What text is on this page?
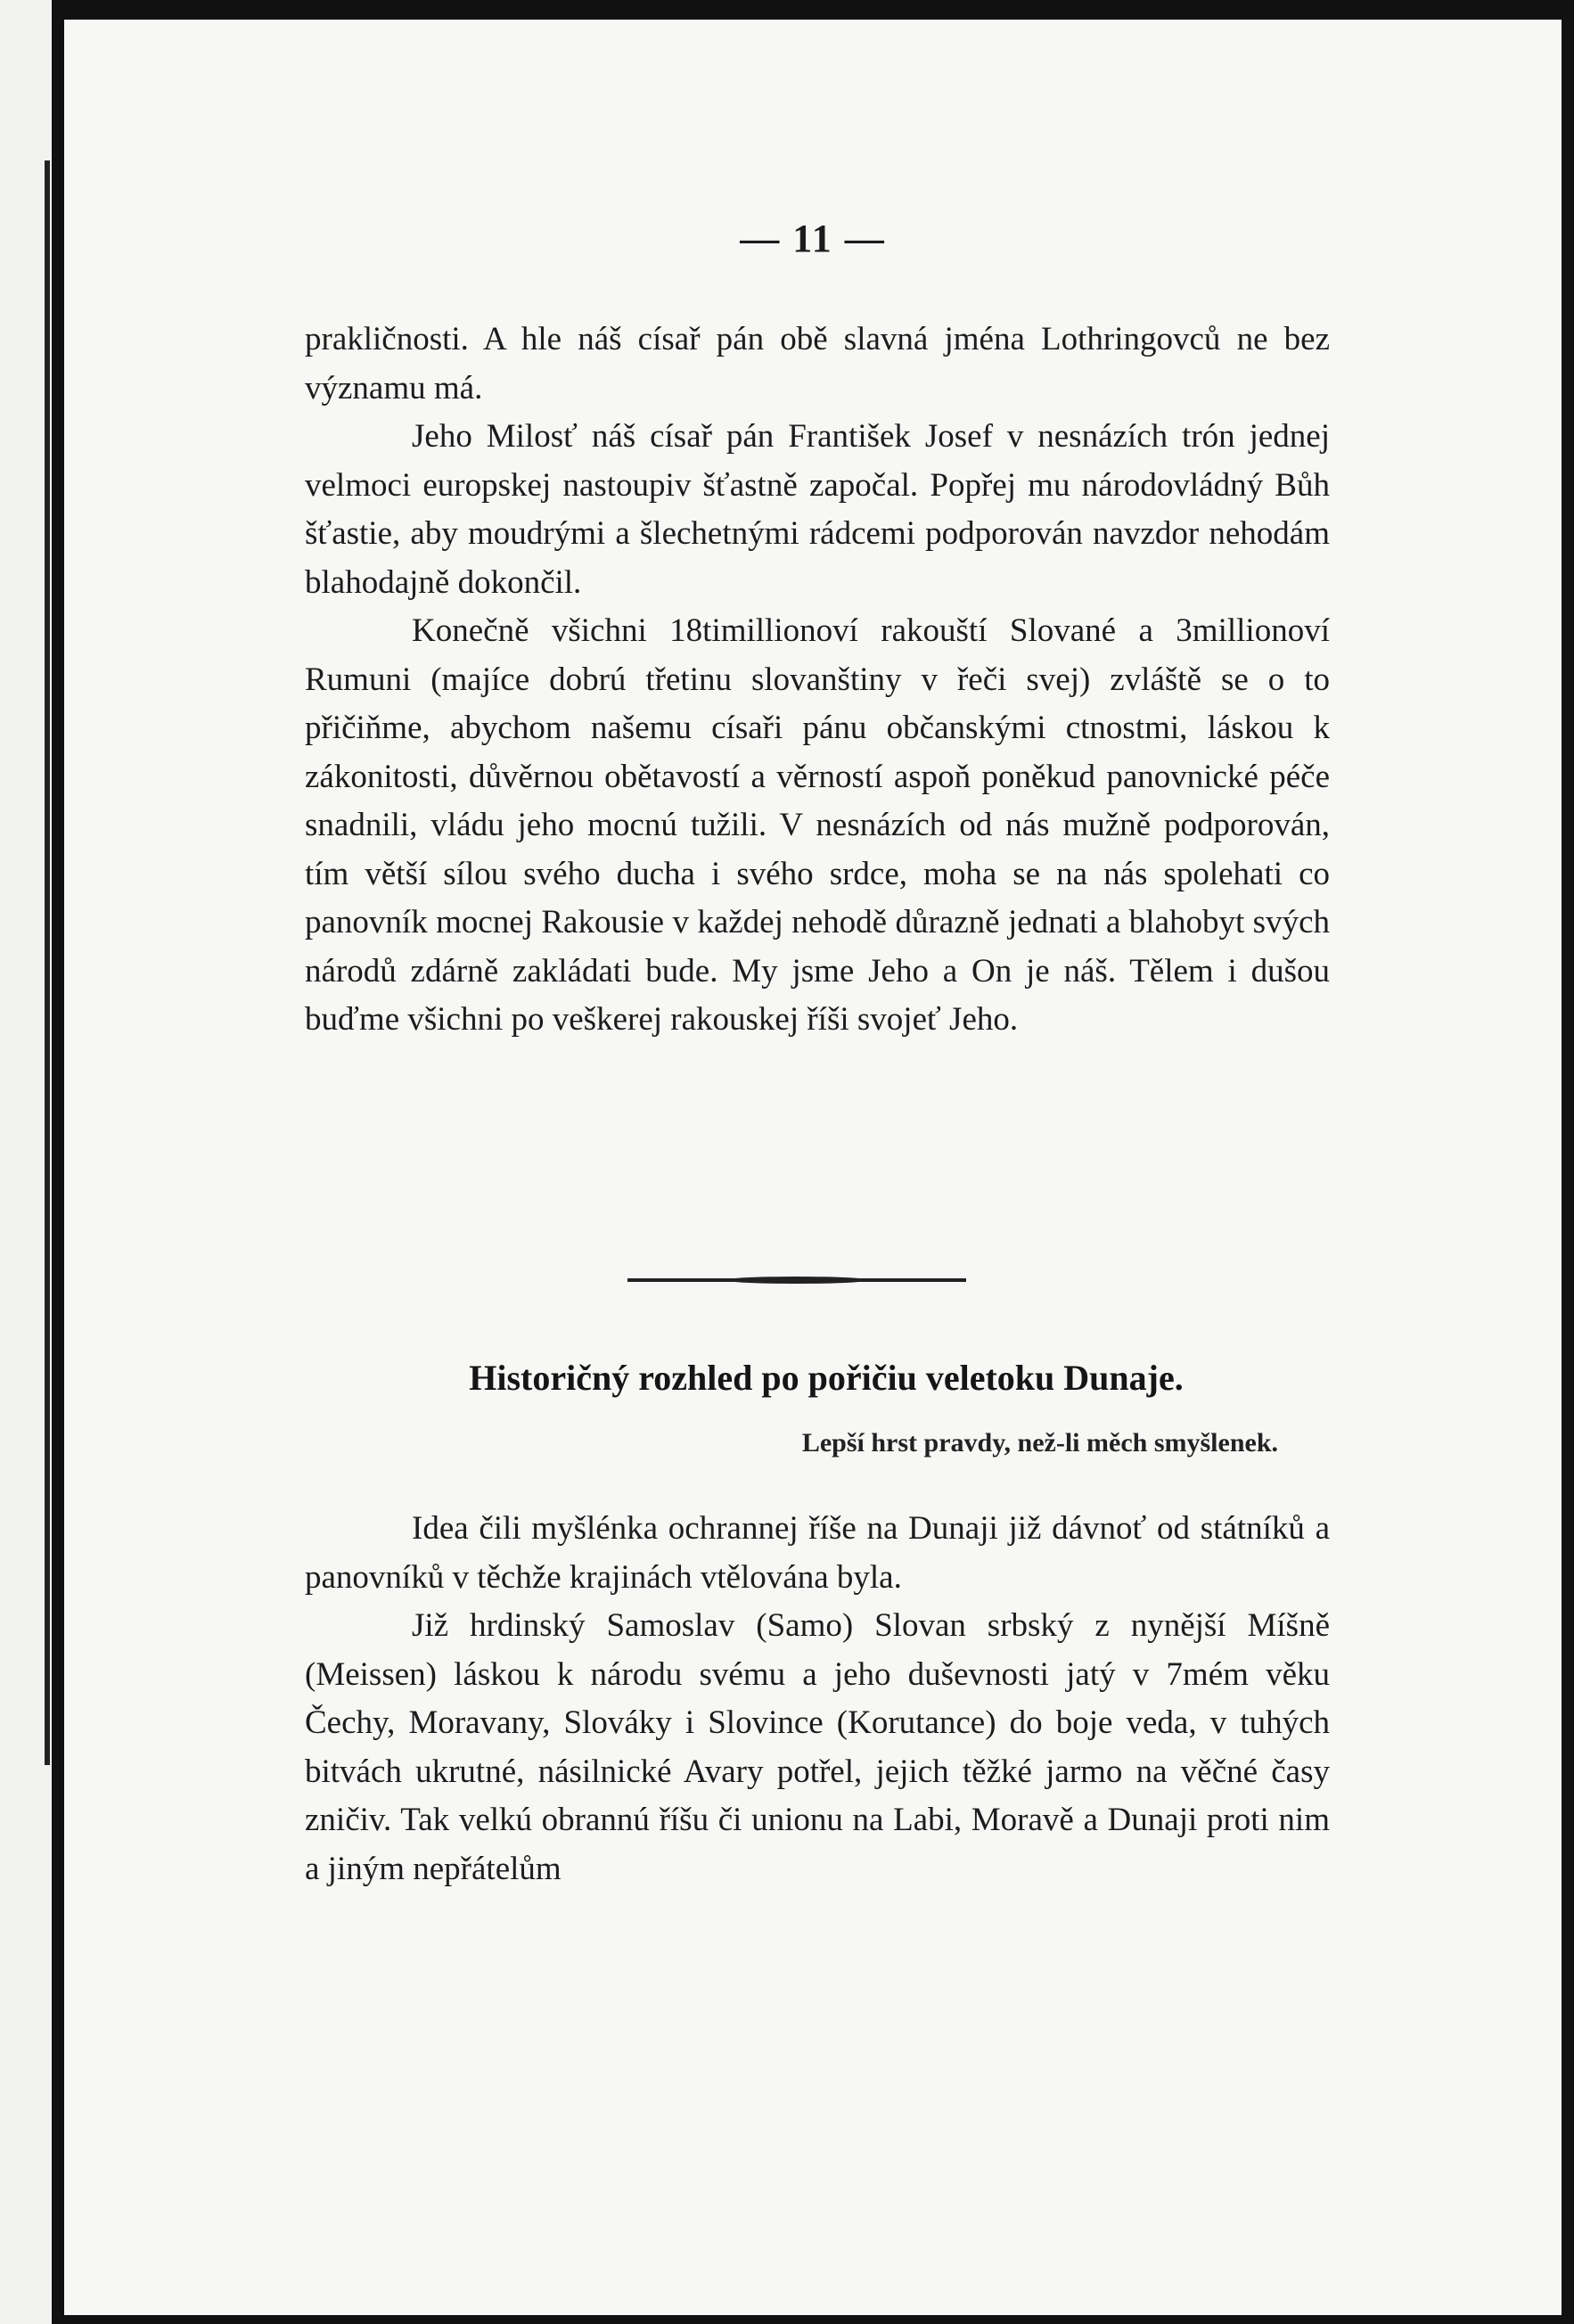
— 11 —

prakličnosti. A hle náš císař pán obě slavná jména Lothringovců ne bez významu má.

Jeho Milosť náš císař pán František Josef v nesnázích trón jednej velmoci europskej nastoupiv šťastně započal. Popřej mu národovládný Bůh šťastie, aby moudrými a šlechetnými rádcemi podporován navzdor nehodám blahodajně dokončil.

Konečně všichni 18timillionoví rakouští Slované a 3millionoví Rumuni (majíce dobrú třetinu slovanštiny v řeči svej) zvláště se o to přičiňme, abychom našemu císaři pánu občanskými ctnostmi, láskou k zákonitosti, důvěrnou obětavostí a věrností aspoň poněkud panovnické péče snadnili, vládu jeho mocnú tužili. V nesnázích od nás mužně podporován, tím větší sílou svého ducha i svého srdce, moha se na nás spolehati co panovník mocnej Rakousie v každej nehodě důrazně jednati a blahobyt svých národů zdárně zakládati bude. My jsme Jeho a On je náš. Tělem i dušou buďme všichni po veškerej rakouskej říši svojeť Jeho.

Historičný rozhled po pořičiu veletoku Dunaje.
Lepší hrst pravdy, než-li měch smyšlenek.

Idea čili myšlénka ochrannej říše na Dunaji již dávnoť od státníků a panovníků v těchže krajinách vtělována byla.

Již hrdinský Samoslav (Samo) Slovan srbský z nynější Míšně (Meissen) láskou k národu svému a jeho duševnosti jatý v 7mém věku Čechy, Moravany, Slováky i Slovince (Korutance) do boje veda, v tuhých bitvách ukrutné, násilnické Avary potřel, jejich těžké jarmo na věčné časy zničiv. Tak velkú obrannú říšu či unionu na Labi, Moravě a Dunaji proti nim a jiným nepřátelům
